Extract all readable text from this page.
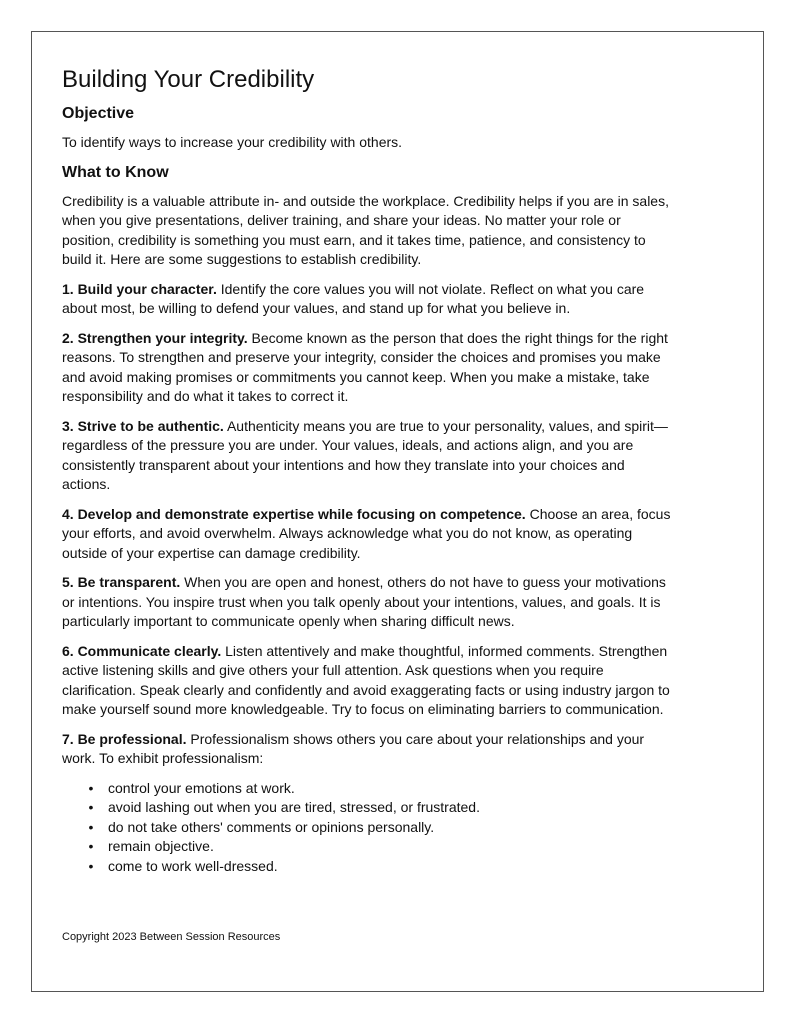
Building Your Credibility
Objective

To identify ways to increase your credibility with others.

What to Know

Credibility is a valuable attribute in- and outside the workplace. Credibility helps if you are in sales, when you give presentations, deliver training, and share your ideas. No matter your role or position, credibility is something you must earn, and it takes time, patience, and consistency to build it. Here are some suggestions to establish credibility.

1. Build your character. Identify the core values you will not violate. Reflect on what you care about most, be willing to defend your values, and stand up for what you believe in.

2. Strengthen your integrity. Become known as the person that does the right things for the right reasons. To strengthen and preserve your integrity, consider the choices and promises you make and avoid making promises or commitments you cannot keep. When you make a mistake, take responsibility and do what it takes to correct it.

3. Strive to be authentic. Authenticity means you are true to your personality, values, and spirit—regardless of the pressure you are under. Your values, ideals, and actions align, and you are consistently transparent about your intentions and how they translate into your choices and actions.

4. Develop and demonstrate expertise while focusing on competence. Choose an area, focus your efforts, and avoid overwhelm. Always acknowledge what you do not know, as operating outside of your expertise can damage credibility.

5. Be transparent. When you are open and honest, others do not have to guess your motivations or intentions. You inspire trust when you talk openly about your intentions, values, and goals. It is particularly important to communicate openly when sharing difficult news.

6. Communicate clearly. Listen attentively and make thoughtful, informed comments. Strengthen active listening skills and give others your full attention. Ask questions when you require clarification. Speak clearly and confidently and avoid exaggerating facts or using industry jargon to make yourself sound more knowledgeable. Try to focus on eliminating barriers to communication.

7. Be professional. Professionalism shows others you care about your relationships and your work. To exhibit professionalism:

• control your emotions at work.
• avoid lashing out when you are tired, stressed, or frustrated.
• do not take others' comments or opinions personally.
• remain objective.
• come to work well-dressed.
Copyright 2023 Between Session Resources
